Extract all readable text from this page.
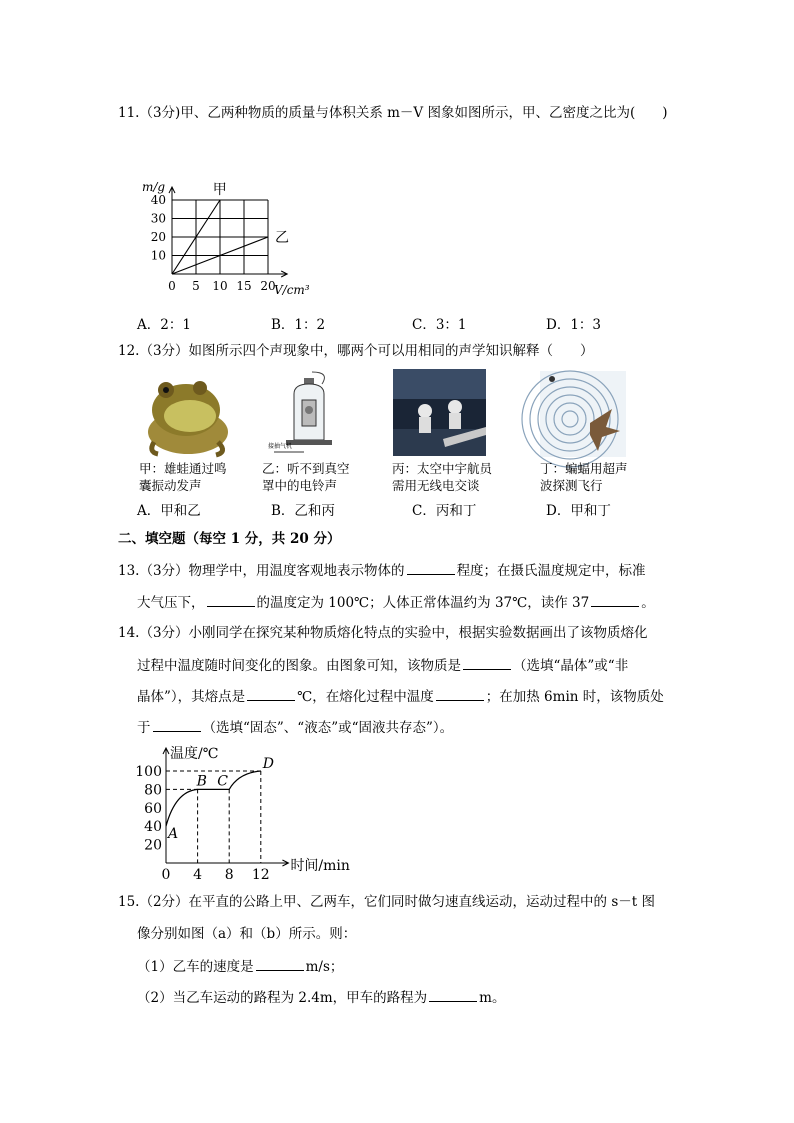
11.（3分)甲、乙两种物质的质量与体积关系 m－V 图象如图所示，甲、乙密度之比为(　　)
甲
乙
10
20
30
40
0 5 10 15 20
m/g
V/cm³
A．2：1	B．1：2	C．3：1	D．1：3
12.（3分）如图所示四个声现象中，哪两个可以用相同的声学知识解释（　　）
甲：雄蛙通过鸣
囊振动发声
接抽气机
乙：听不到真空
罩中的电铃声
丙：太空中宇航员
需用无线电交谈
丁：蝙蝠用超声
波探测飞行
A．甲和乙	B．乙和丙	C．丙和丁	D．甲和丁
二、填空题（每空 1 分，共 20 分）
13.（3分）物理学中，用温度客观地表示物体的	程度；在摄氏温度规定中，标准
大气压下，	的温度定为 100℃；人体正常体温约为 37℃，读作 37	。
14.（3分）小刚同学在探究某种物质熔化特点的实验中，根据实验数据画出了该物质熔化
过程中温度随时间变化的图象。由图象可知，该物质是	（选填“晶体”或“非
晶体”），其熔点是	℃，在熔化过程中温度	；在加热 6min 时，该物质处
于	（选填“固态”、“液态”或“固液共存态”）。
20
40
60
80
100
0 4 8 12
温度/℃
时间/min
A
B C
D
15.（2分）在平直的公路上甲、乙两车，它们同时做匀速直线运动，运动过程中的 s－t 图
像分别如图（a）和（b）所示。则：
（1）乙车的速度是	m/s；
（2）当乙车运动的路程为 2.4m，甲车的路程为	m。
